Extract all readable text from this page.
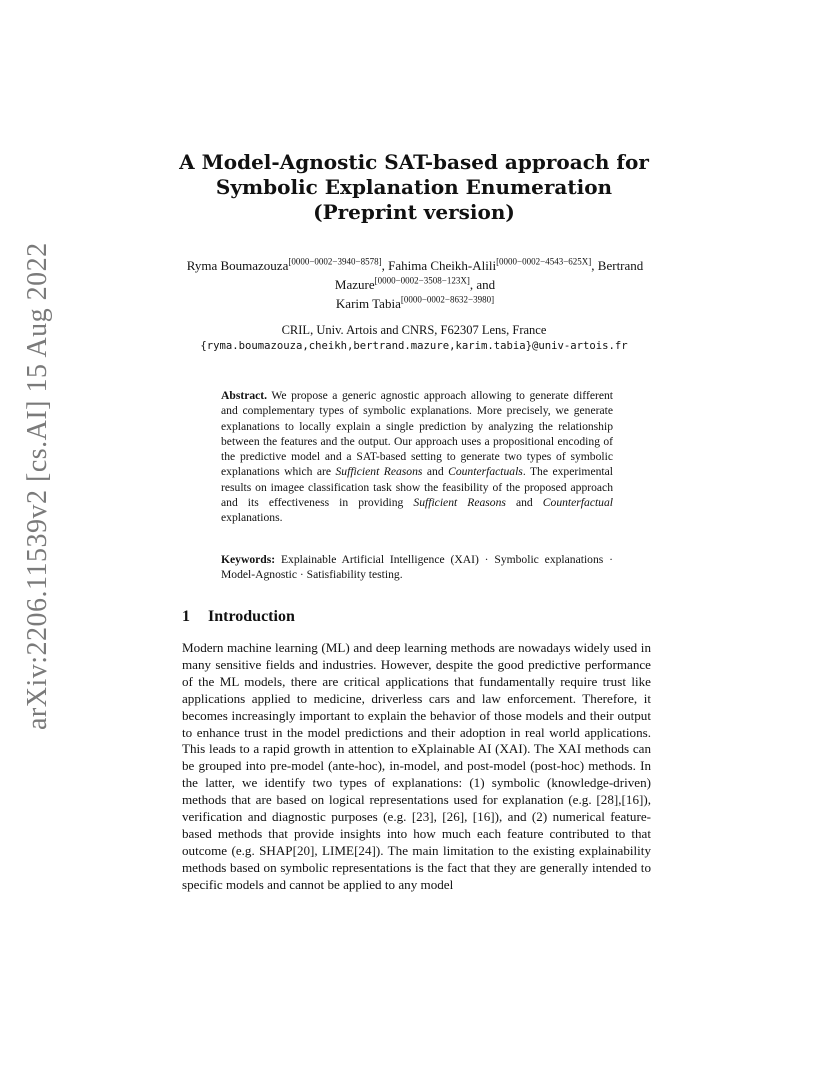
arXiv:2206.11539v2 [cs.AI] 15 Aug 2022
A Model-Agnostic SAT-based approach for
Symbolic Explanation Enumeration
(Preprint version)
Ryma Boumazouza[0000−0002−3940−8578], Fahima Cheikh-Alili[0000−0002−4543−625X], Bertrand Mazure[0000−0002−3508−123X], and
Karim Tabia[0000−0002−8632−3980]
CRIL, Univ. Artois and CNRS, F62307 Lens, France
{ryma.boumazouza,cheikh,bertrand.mazure,karim.tabia}@univ-artois.fr
Abstract. We propose a generic agnostic approach allowing to generate different and complementary types of symbolic explanations. More precisely, we generate explanations to locally explain a single prediction by analyzing the relationship between the features and the output. Our approach uses a propositional encoding of the predictive model and a SAT-based setting to generate two types of symbolic explanations which are Sufficient Reasons and Counterfactuals. The experimental results on imagee classification task show the feasibility of the proposed approach and its effectiveness in providing Sufficient Reasons and Counterfactual explanations.
Keywords: Explainable Artificial Intelligence (XAI) · Symbolic explanations · Model-Agnostic · Satisfiability testing.
1 Introduction
Modern machine learning (ML) and deep learning methods are nowadays widely used in many sensitive fields and industries. However, despite the good predictive performance of the ML models, there are critical applications that fundamentally require trust like applications applied to medicine, driverless cars and law enforcement. Therefore, it becomes increasingly important to explain the behavior of those models and their output to enhance trust in the model predictions and their adoption in real world applications. This leads to a rapid growth in attention to eXplainable AI (XAI). The XAI methods can be grouped into pre-model (ante-hoc), in-model, and post-model (post-hoc) methods. In the latter, we identify two types of explanations: (1) symbolic (knowledge-driven) methods that are based on logical representations used for explanation (e.g. [28],[16]), verification and diagnostic purposes (e.g. [23], [26], [16]), and (2) numerical feature-based methods that provide insights into how much each feature contributed to that outcome (e.g. SHAP[20], LIME[24]). The main limitation to the existing explainability methods based on symbolic representations is the fact that they are generally intended to specific models and cannot be applied to any model
